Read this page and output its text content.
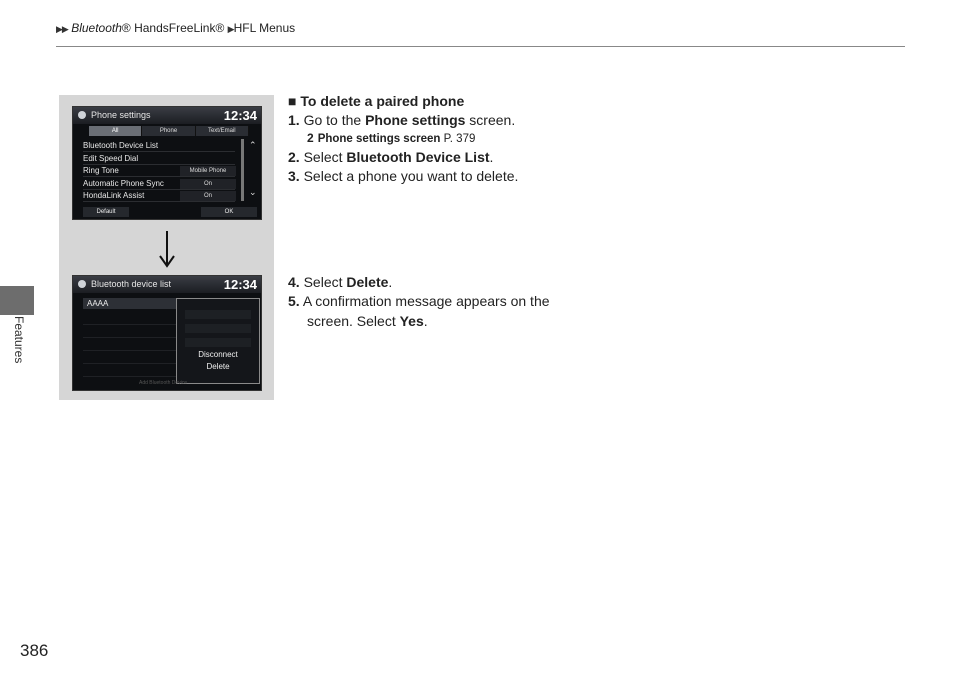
▶▶ Bluetooth® HandsFreeLink® ▶HFL Menus
Features
Phone settings	12:34
All	Phone	Text/Email
Bluetooth Device List
Edit Speed Dial
Ring Tone	Mobile Phone
Automatic Phone Sync	On
HondaLink Assist	On
⌃
⌄
Default	OK
Bluetooth device list	12:34
AAAA
Disconnect
Delete
Add Bluetooth Device
■ To delete a paired phone
1. Go to the Phone settings screen.
2 Phone settings screen P. 379
2. Select Bluetooth Device List.
3. Select a phone you want to delete.
4. Select Delete.
5. A confirmation message appears on the
screen. Select Yes.
386
